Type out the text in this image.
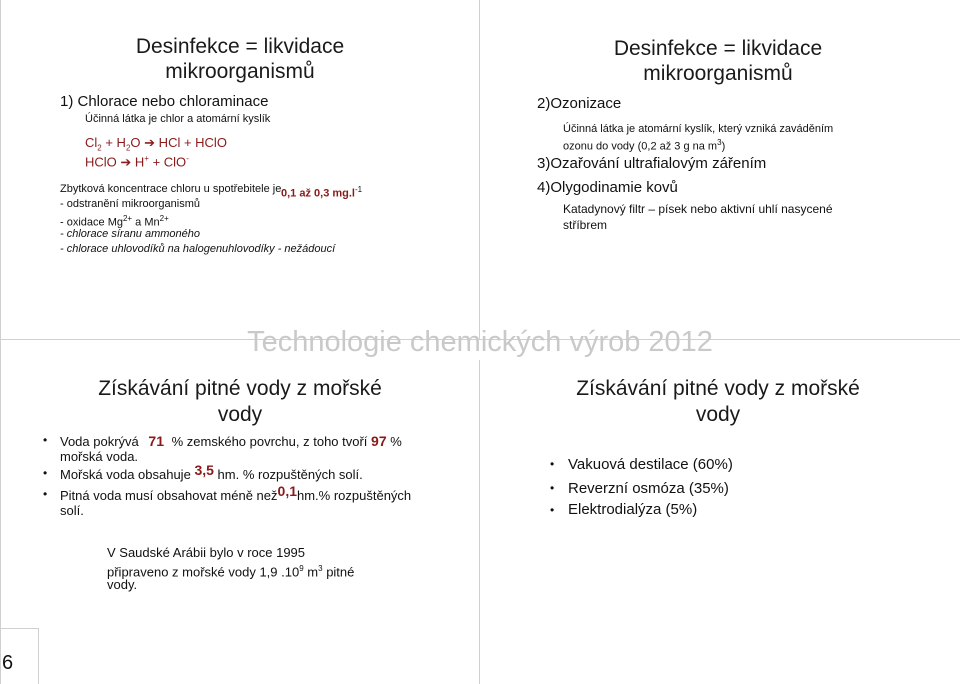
Desinfekce = likvidace
mikroorganismů
1) Chlorace nebo chloraminace
Účinná látka je chlor a atomární kyslík
$Cl_2 + H_2O$ ➔ HCl + HClO
HClO ➔ H+ + ClO-
Zbytková koncentrace chloru u spotřebitele je 0,1 až 0,3 $mg.l^{-1}$
- odstranění mikroorganismů
- oxidace $Mg^{2+}$ a $Mn^{2+}$
- chlorace síranu ammoného
- chlorace uhlovodíků na halogenuhlovodíky - nežádoucí
Desinfekce = likvidace
mikroorganismů
2)Ozonizace
Účinná látka je atomární kyslík, který vzniká zaváděním
ozonu do vody (0,2 až 3 g na $m^3$)
3)Ozařování ultrafialovým zářením
4)Olygodinamie kovů
Katadynový filtr – písek nebo aktivní uhlí nasycené
stříbrem
Technologie chemických výrob 2012
Získávání pitné vody z mořské
vody
• Voda pokrývá 71 % zemského povrchu, z toho tvoří 97 %
mořská voda.
• Mořská voda obsahuje 3,5 hm. % rozpuštěných solí.
• Pitná voda musí obsahovat méně než0,1hm.% rozpuštěných
solí.
V Saudské Arábii bylo v roce 1995
připraveno z mořské vody 1,9 $.10^9$ $m^3$ pitné
vody.
Získávání pitné vody z mořské
vody
• Vakuová destilace (60%)
• Reverzní osmóza (35%)
• Elektrodialýza (5%)
6
